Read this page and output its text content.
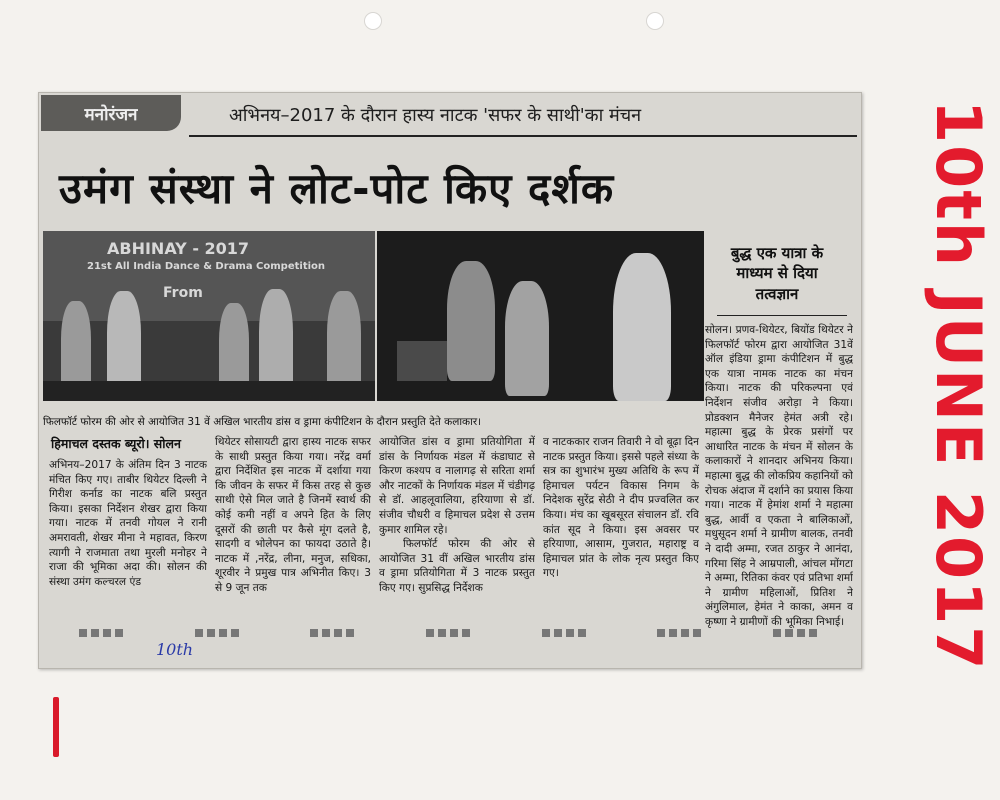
मनोरंजन	अभिनय–2017 के दौरान हास्य नाटक 'सफर के साथी'का मंचन
उमंग संस्था ने लोट-पोट किए दर्शक
ABHINAY - 2017
21st All India Dance & Drama Competition
From
फिलफॉर्ट फोरम की ओर से आयोजित 31 वें अखिल भारतीय डांस व ड्रामा कंपीटिशन के दौरान प्रस्तुति देते कलाकार।
बुद्ध एक यात्रा के माध्यम से दिया तत्वज्ञान
हिमाचल दस्तक ब्यूरो। सोलन

अभिनय–2017 के अंतिम दिन 3 नाटक मंचित किए गए। ताबीर थियेटर दिल्ली ने गिरीश कर्नाड का नाटक बलि प्रस्तुत किया। इसका निर्देशन शेखर द्वारा किया गया। नाटक में तनवी गोयल ने रानी अमरावती, शेखर मीना ने महावत, किरण त्यागी ने राजमाता तथा मुरली मनोहर ने राजा की भूमिका अदा की। सोलन की संस्था उमंग कल्चरल एंड

थियेटर सोसायटी द्वारा हास्य नाटक सफर के साथी प्रस्तुत किया गया। नरेंद्र वर्मा द्वारा निर्देशित इस नाटक में दर्शाया गया कि जीवन के सफर में किस तरह से कुछ साथी ऐसे मिल जाते है जिनमें स्वार्थ की कोई कमी नहीं व अपने हित के लिए दूसरों की छाती पर कैसे मूंग दलते है, सादगी व भोलेपन का फायदा उठाते है। नाटक में ,नरेंद्र, लीना, मनुज, सधिका, शूरवीर ने प्रमुख पात्र अभिनीत किए। 3 से 9 जून तक

आयोजित डांस व ड्रामा प्रतियोगिता में डांस के निर्णायक मंडल में कंडाघाट से किरण कश्यप व नालागढ़ से सरिता शर्मा और नाटकों के निर्णायक मंडल में चंडीगढ़ से डॉ. आहलूवालिया, हरियाणा से डॉ. संजीव चौधरी व हिमाचल प्रदेश से उत्तम कुमार शामिल रहे।

फिलफॉर्ट फोरम की ओर से आयोजित 31 वीं अखिल भारतीय डांस व ड्रामा प्रतियोगिता में 3 नाटक प्रस्तुत किए गए। सुप्रसिद्ध निर्देशक

व नाटककार राजन तिवारी ने वो बूढ़ा दिन नाटक प्रस्तुत किया। इससे पहले संध्या के सत्र का शुभारंभ मुख्य अतिथि के रूप में हिमाचल पर्यटन विकास निगम के निदेशक सुरेंद्र सेठी ने दीप प्रज्वलित कर किया। मंच का खूबसूरत संचालन डॉ. रवि कांत सूद ने किया। इस अवसर पर हरियाणा, आसाम, गुजरात, महाराष्ट्र व हिमाचल प्रांत के लोक नृत्य प्रस्तुत किए गए।

सोलन। प्रणव-थियेटर, बियोंड थियेटर ने फिलफॉर्ट फोरम द्वारा आयोजित 31वें ऑल इंडिया ड्रामा कंपीटिशन में बुद्ध एक यात्रा नामक नाटक का मंचन किया। नाटक की परिकल्पना एवं निर्देशन संजीव अरोड़ा ने किया। प्रोडक्शन मैनेजर हेमंत अत्री रहे। महात्मा बुद्ध के प्रेरक प्रसंगों पर आधारित नाटक के मंचन में सोलन के कलाकारों ने शानदार अभिनय किया। महात्मा बुद्ध की लोकप्रिय कहानियों को रोचक अंदाज में दर्शाने का प्रयास किया गया। नाटक में हेमांश शर्मा ने महात्मा बुद्ध, आर्वी व एकता ने बालिकाओं, मधुसूदन शर्मा ने ग्रामीण बालक, तनवी ने दादी अम्मा, रजत ठाकुर ने आनंदा, गरिमा सिंह ने आम्रपाली, आंचल मोंगटा ने अम्मा, रितिका कंवर एवं प्रतिभा शर्मा ने ग्रामीण महिलाओं, प्रितिश ने अंगुलिमाल, हेमंत ने काका, अमन व कृष्णा ने ग्रामीणों की भूमिका निभाई।

10th	10th JUNE 2017
